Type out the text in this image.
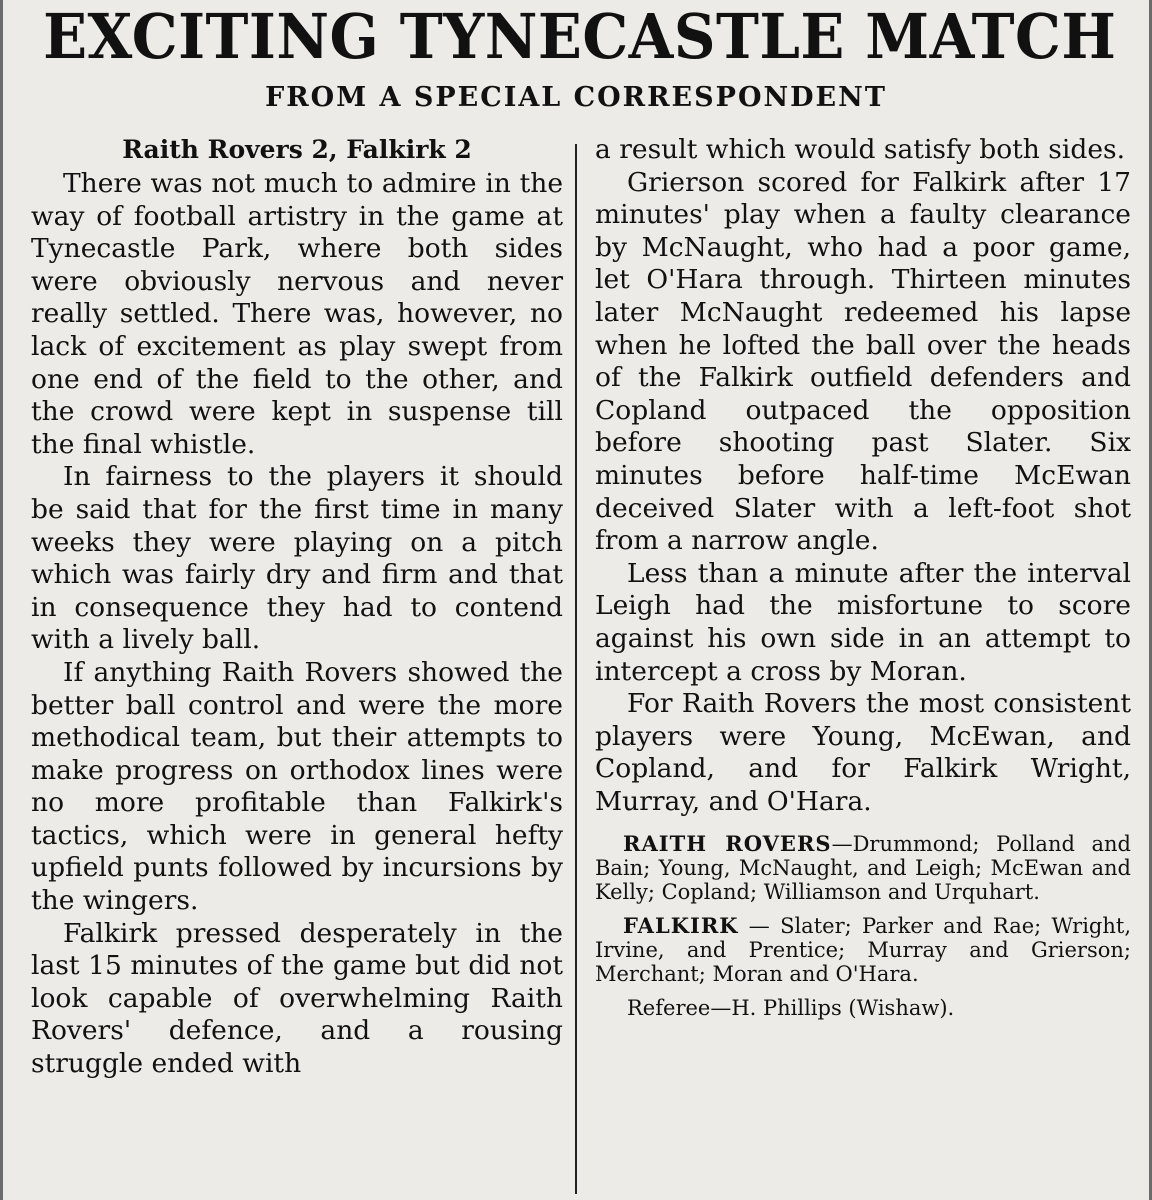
EXCITING TYNECASTLE MATCH
FROM A SPECIAL CORRESPONDENT
Raith Rovers 2, Falkirk 2

There was not much to admire in the way of football artistry in the game at Tynecastle Park, where both sides were obviously nervous and never really settled. There was, however, no lack of excitement as play swept from one end of the field to the other, and the crowd were kept in suspense till the final whistle.

In fairness to the players it should be said that for the first time in many weeks they were playing on a pitch which was fairly dry and firm and that in consequence they had to contend with a lively ball.

If anything Raith Rovers showed the better ball control and were the more methodical team, but their attempts to make progress on orthodox lines were no more profitable than Falkirk's tactics, which were in general hefty upfield punts followed by incursions by the wingers.

Falkirk pressed desperately in the last 15 minutes of the game but did not look capable of overwhelming Raith Rovers' defence, and a rousing struggle ended with

a result which would satisfy both sides.

Grierson scored for Falkirk after 17 minutes' play when a faulty clearance by McNaught, who had a poor game, let O'Hara through. Thirteen minutes later McNaught redeemed his lapse when he lofted the ball over the heads of the Falkirk outfield defenders and Copland outpaced the opposition before shooting past Slater. Six minutes before half-time McEwan deceived Slater with a left-foot shot from a narrow angle.

Less than a minute after the interval Leigh had the misfortune to score against his own side in an attempt to intercept a cross by Moran.

For Raith Rovers the most consistent players were Young, McEwan, and Copland, and for Falkirk Wright, Murray, and O'Hara.

RAITH ROVERS—Drummond; Polland and Bain; Young, McNaught, and Leigh; McEwan and Kelly; Copland; Williamson and Urquhart.

FALKIRK — Slater; Parker and Rae; Wright, Irvine, and Prentice; Murray and Grierson; Merchant; Moran and O'Hara.

Referee—H. Phillips (Wishaw).
